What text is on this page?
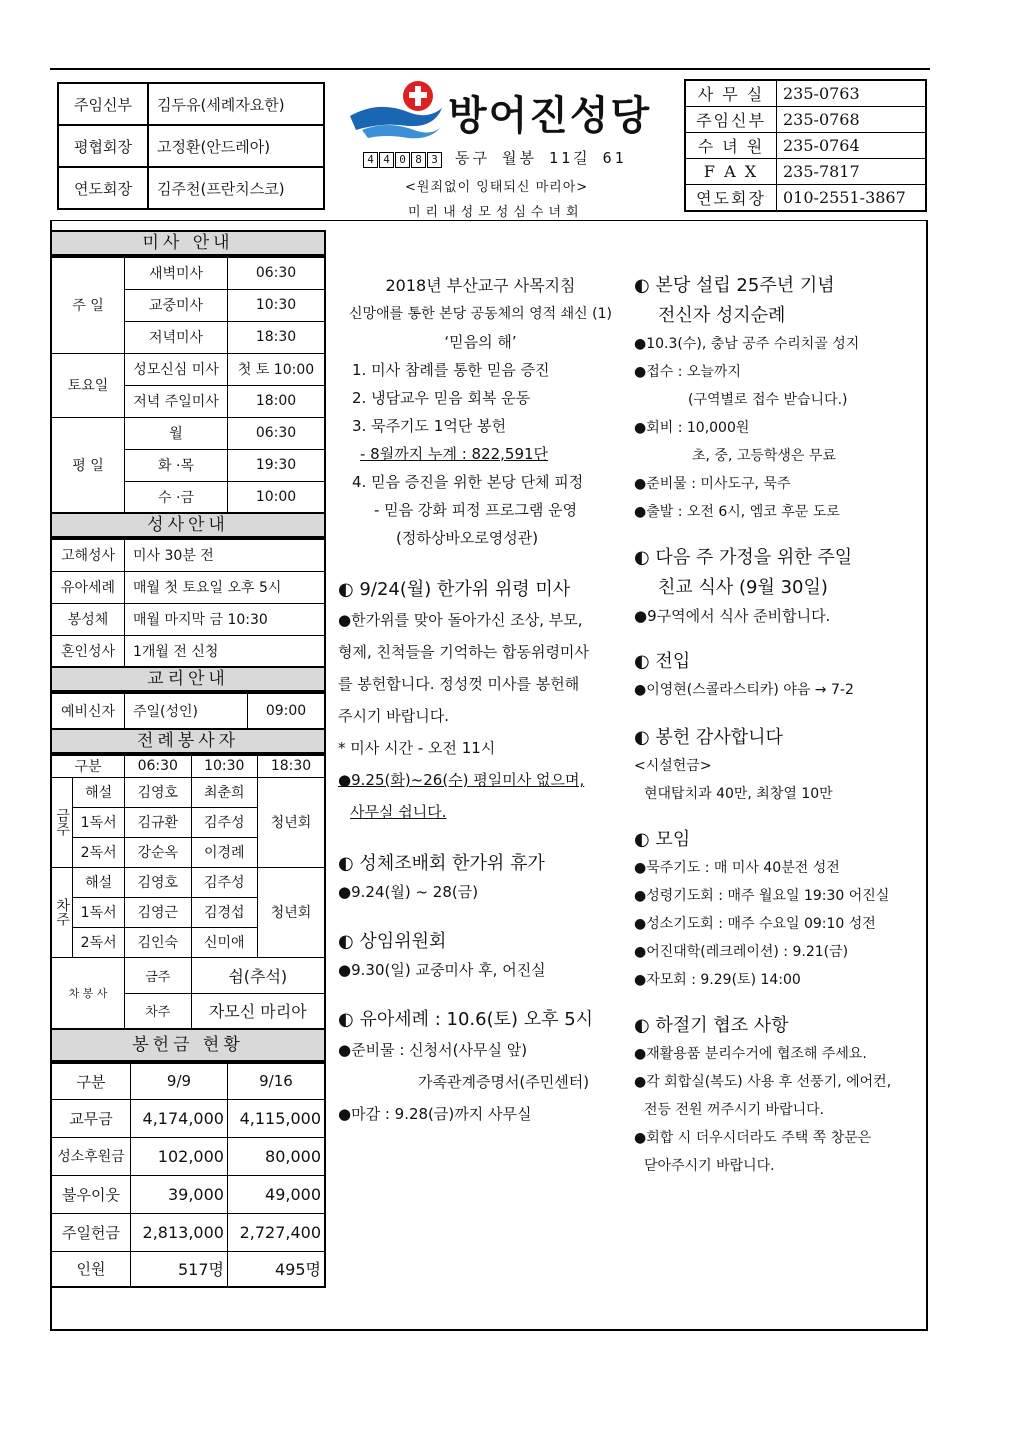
주임신부	김두유(세례자요한)
평협회장	고정환(안드레아)
연도회장	김주천(프란치스코)
방어진성당
4 4 0 8 3 동구 월봉 11길 61
<원죄없이 잉태되신 마리아>
미리내성모성심수녀회
사 무 실	235-0763
주임신부	235-0768
수 녀 원	235-0764
F A X	235-7817
연도회장	010-2551-3867
미사 안내
주 일	새벽미사	06:30
	교중미사	10:30
	저녁미사	18:30
토요일	성모신심 미사	첫 토 10:00
	저녁 주일미사	18:00
평 일	월	06:30
	화 ·목	19:30
	수 ·금	10:00
성사안내
고해성사	미사 30분 전
유아세례	매월 첫 토요일 오후 5시
봉성체	매월 마지막 금 10:30
혼인성사	1개월 전 신청
교리안내
예비신자	주일(성인)	09:00
전례봉사자
구분		06:30	10:30	18:30
금주	해설	김영호	최춘희	청년회
	1독서	김규환	김주성	
	2독서	강순옥	이경례	
차주	해설	김영호	김주성	청년회
	1독서	김영근	김경섭	
	2독서	김인숙	신미애	
차 봉 사		금주	쉼(추석)	
		차주	자모신 마리아	
봉헌금 현황
구분	9/9	9/16
교무금	4,174,000	4,115,000
성소후원금	102,000	80,000
불우이웃	39,000	49,000
주일헌금	2,813,000	2,727,400
인원	517명	495명

2018년 부산교구 사목지침

신망애를 통한 본당 공동체의 영적 쇄신 (1)

‘믿음의 해’

1. 미사 참례를 통한 믿음 증진

2. 냉담교우 믿음 회복 운동

3. 묵주기도 1억단 봉헌

- 8월까지 누계 : 822,591단

4. 믿음 증진을 위한 본당 단체 피정

- 믿음 강화 피정 프로그램 운영

(정하상바오로영성관)

◐ 9/24(월) 한가위 위령 미사

●한가위를 맞아 돌아가신 조상, 부모,

형제, 친척들을 기억하는 합동위령미사

를 봉헌합니다. 정성껏 미사를 봉헌해

주시기 바랍니다.

* 미사 시간 - 오전 11시

●9.25(화)~26(수) 평일미사 없으며,

사무실 쉽니다.

◐ 성체조배회 한가위 휴가

●9.24(월) ~ 28(금)

◐ 상임위원회

●9.30(일) 교중미사 후, 어진실

◐ 유아세례 : 10.6(토) 오후 5시

●준비물 : 신청서(사무실 앞)

가족관계증명서(주민센터)

●마감 : 9.28(금)까지 사무실

◐ 본당 설립 25주년 기념

전신자 성지순례

●10.3(수), 충남 공주 수리치골 성지

●접수 : 오늘까지

(구역별로 접수 받습니다.)

●회비 : 10,000원

초, 중, 고등학생은 무료

●준비물 : 미사도구, 묵주

●출발 : 오전 6시, 엠코 후문 도로

◐ 다음 주 가정을 위한 주일

친교 식사 (9월 30일)

●9구역에서 식사 준비합니다.

◐ 전입

●이영현(스콜라스티카) 야음 → 7-2

◐ 봉헌 감사합니다

<시설헌금>

현대탑치과 40만, 최창열 10만

◐ 모임

●묵주기도 : 매 미사 40분전 성전

●성령기도회 : 매주 월요일 19:30 어진실

●성소기도회 : 매주 수요일 09:10 성전

●어진대학(레크레이션) : 9.21(금)

●자모회 : 9.29(토) 14:00

◐ 하절기 협조 사항

●재활용품 분리수거에 협조해 주세요.

●각 회합실(복도) 사용 후 선풍기, 에어컨,

전등 전원 꺼주시기 바랍니다.

●회합 시 더우시더라도 주택 쪽 창문은

닫아주시기 바랍니다.
